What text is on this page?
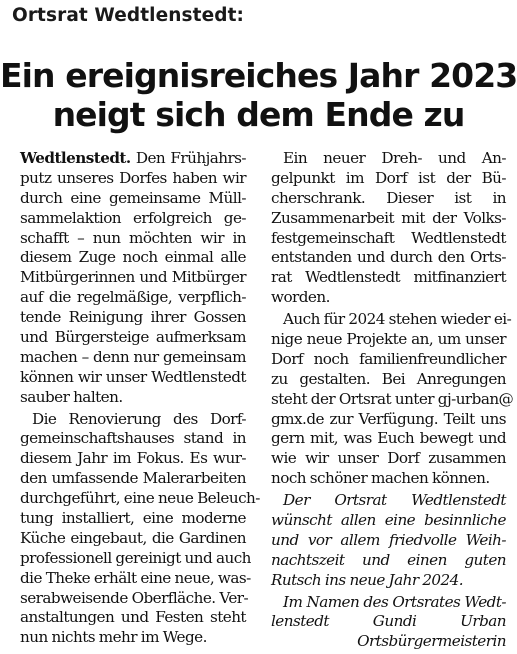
Ortsrat Wedtlenstedt:
Ein ereignisreiches Jahr 2023
neigt sich dem Ende zu
Wedtlenstedt. Den Frühjahrs-
putz unseres Dorfes haben wir
durch eine gemeinsame Müll-
sammelaktion erfolgreich ge-
schafft – nun möchten wir in
diesem Zuge noch einmal alle
Mitbürgerinnen und Mitbürger
auf die regelmäßige, verpflich-
tende Reinigung ihrer Gossen
und Bürgersteige aufmerksam
machen – denn nur gemeinsam
können wir unser Wedtlenstedt
sauber halten.
Die Renovierung des Dorf-
gemeinschaftshauses stand in
diesem Jahr im Fokus. Es wur-
den umfassende Malerarbeiten
durchgeführt, eine neue Beleuch-
tung installiert, eine moderne
Küche eingebaut, die Gardinen
professionell gereinigt und auch
die Theke erhält eine neue, was-
serabweisende Oberfläche. Ver-
anstaltungen und Festen steht
nun nichts mehr im Wege.
Ein neuer Dreh- und An-
gelpunkt im Dorf ist der Bü-
cherschrank. Dieser ist in
Zusammenarbeit mit der Volks-
festgemeinschaft Wedtlenstedt
entstanden und durch den Orts-
rat Wedtlenstedt mitfinanziert
worden.
Auch für 2024 stehen wieder ei-
nige neue Projekte an, um unser
Dorf noch familienfreundlicher
zu gestalten. Bei Anregungen
steht der Ortsrat unter gj-urban@
gmx.de zur Verfügung. Teilt uns
gern mit, was Euch bewegt und
wie wir unser Dorf zusammen
noch schöner machen können.
Der Ortsrat Wedtlenstedt
wünscht allen eine besinnliche
und vor allem friedvolle Weih-
nachtszeit und einen guten
Rutsch ins neue Jahr 2024.
Im Namen des Ortsrates Wedt-
lenstedt Gundi Urban
Ortsbürgermeisterin
